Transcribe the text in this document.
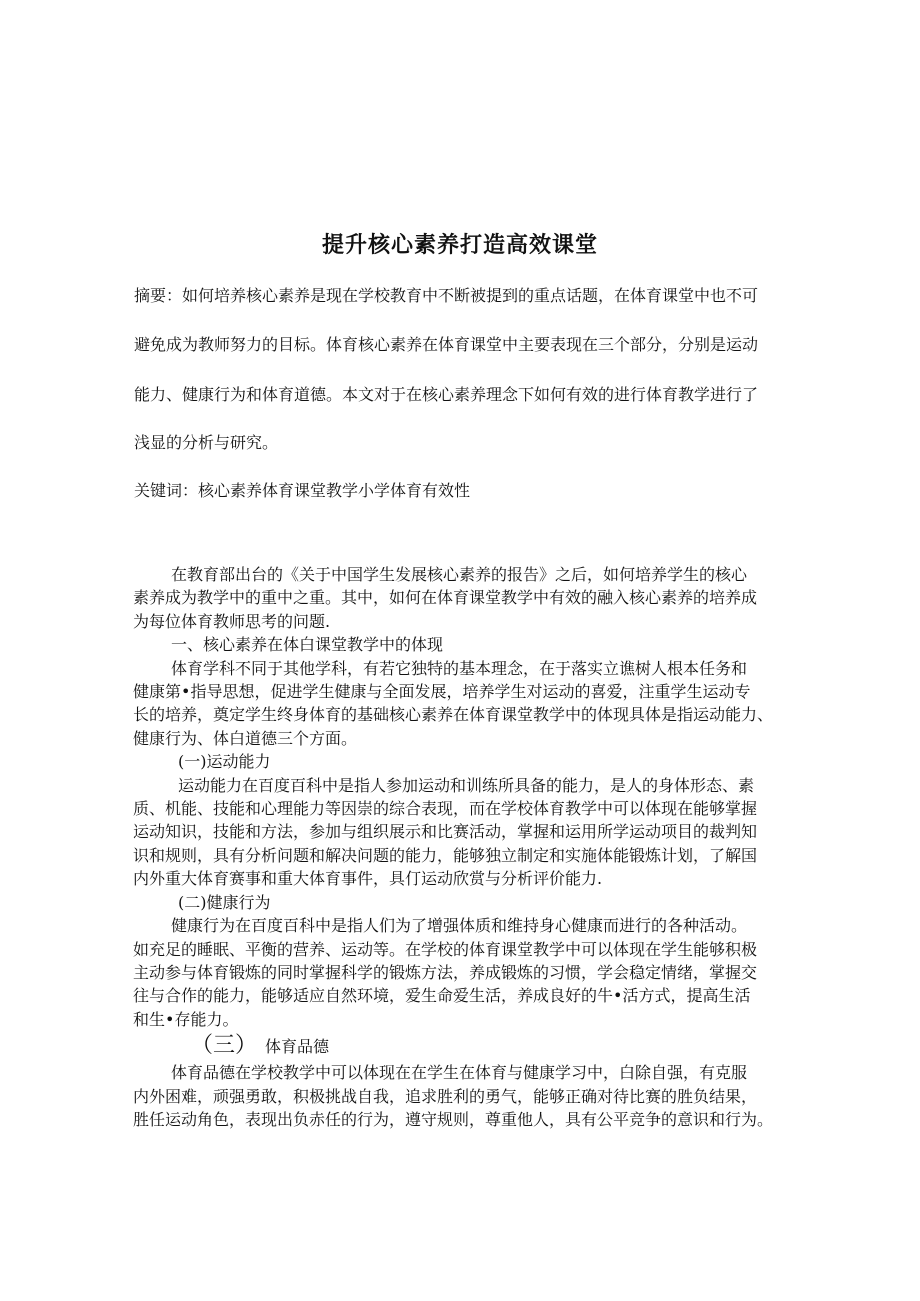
提升核心素养打造高效课堂

摘要：如何培养核心素养是现在学校教育中不断被提到的重点话题，在体育课堂中也不可

避免成为教师努力的目标。体育核心素养在体育课堂中主要表现在三个部分，分别是运动

能力、健康行为和体育道德。本文对于在核心素养理念下如何有效的进行体育教学进行了

浅显的分析与研究。

关键词：核心素养体育课堂教学小学体育有效性

在教育部出台的《关于中国学生发展核心素养的报告》之后，如何培养学生的核心

素养成为教学中的重中之重。其中，如何在体育课堂教学中有效的融入核心素养的培养成

为每位体育教师思考的问题.

一、核心素养在体白课堂教学中的体现

体育学科不同于其他学科，有若它独特的基本理念，在于落实立谯树人根本任务和

健康第•指导思想，促进学生健康与全面发展，培养学生对运动的喜爱，注重学生运动专

长的培养，奠定学生终身体育的基础核心素养在体育课堂教学中的体现具体是指运动能力、

健康行为、体白道德三个方面。

(一)运动能力

运动能力在百度百科中是指人参加运动和训练所具备的能力，是人的身体形态、素

质、机能、技能和心理能力等因崇的综合表现，而在学校体育教学中可以体现在能够掌握

运动知识，技能和方法，参加与组织展示和比赛活动，掌握和运用所学运动项目的裁判知

识和规则，具有分析问题和解决问题的能力，能够独立制定和实施体能锻炼计划，了解国

内外重大体育赛事和重大体育事件，具仃运动欣赏与分析评价能力.

(二)健康行为

健康行为在百度百科中是指人们为了增强体质和维持身心健康而进行的各种活动。

如充足的睡眠、平衡的营养、运动等。在学校的体育课堂教学中可以体现在学生能够积极

主动参与体育锻炼的同时掌握科学的锻炼方法，养成锻炼的习惯，学会稳定情绪，掌握交

往与合作的能力，能够适应自然环境，爱生命爱生活，养成良好的牛•活方式，提高生活

和生•存能力。

（三） 体育品德

体育品德在学校教学中可以体现在在学生在体育与健康学习中，白除自强，有克服

内外困难，顽强勇敢，积极挑战自我，追求胜利的勇气，能够正确对待比赛的胜负结果，

胜任运动角色，表现出负赤任的行为，遵守规则，尊重他人，具有公平竞争的意识和行为。
